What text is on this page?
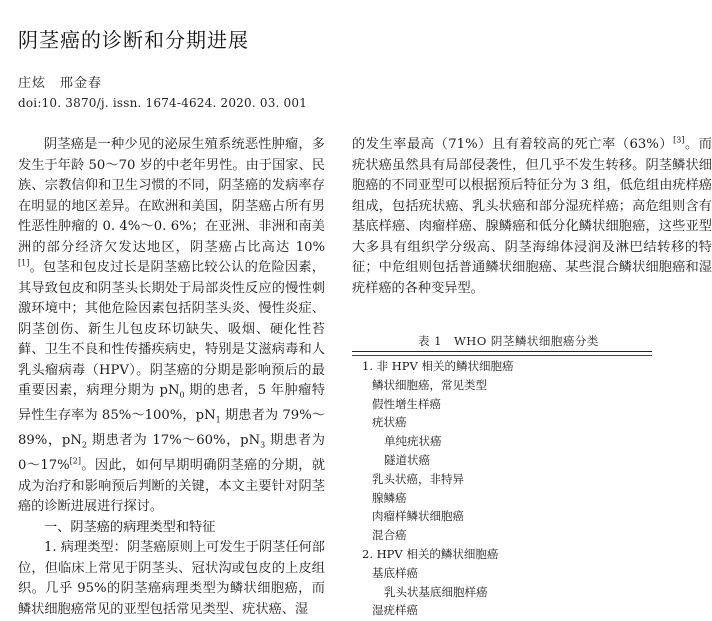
阴茎癌的诊断和分期进展
庄炫　邢金春
doi:10. 3870/j. issn. 1674-4624. 2020. 03. 001

阴茎癌是一种少见的泌尿生殖系统恶性肿瘤，多发生于年龄 50～70 岁的中老年男性。由于国家、民族、宗教信仰和卫生习惯的不同，阴茎癌的发病率存在明显的地区差异。在欧洲和美国，阴茎癌占所有男性恶性肿瘤的 0. 4%～0. 6%；在亚洲、非洲和南美洲的部分经济欠发达地区，阴茎癌占比高达 10%[1]。包茎和包皮过长是阴茎癌比较公认的危险因素，其导致包皮和阴茎头长期处于局部炎性反应的慢性刺激环境中；其他危险因素包括阴茎头炎、慢性炎症、阴茎创伤、新生儿包皮环切缺失、吸烟、硬化性苔藓、卫生不良和性传播疾病史，特别是艾滋病毒和人乳头瘤病毒（HPV）。阴茎癌的分期是影响预后的最重要因素，病理分期为 $pN_0$ 期的患者，5 年肿瘤特异性生存率为 85%～100%，$pN_1$ 期患者为 79%～89%，$pN_2$ 期患者为 17%～60%，$pN_3$ 期患者为 0～17%[2]。因此，如何早期明确阴茎癌的分期，就成为治疗和影响预后判断的关键，本文主要针对阴茎癌的诊断进展进行探讨。

一、阴茎癌的病理类型和特征

1. 病理类型：阴茎癌原则上可发生于阴茎任何部位，但临床上常见于阴茎头、冠状沟或包皮的上皮组织。几乎 95%的阴茎癌病理类型为鳞状细胞癌，而鳞状细胞癌常见的亚型包括常见类型、疣状癌、湿

的发生率最高（71%）且有着较高的死亡率（63%）[3]。而疣状癌虽然具有局部侵袭性，但几乎不发生转移。阴茎鳞状细胞癌的不同亚型可以根据预后特征分为 3 组，低危组由疣样癌组成，包括疣状癌、乳头状癌和部分湿疣样癌；高危组则含有基底样癌、肉瘤样癌、腺鳞癌和低分化鳞状细胞癌，这些亚型大多具有组织学分级高、阴茎海绵体浸润及淋巴结转移的特征；中危组则包括普通鳞状细胞癌、某些混合鳞状细胞癌和湿疣样癌的各种变异型。

表 1　WHO 阴茎鳞状细胞癌分类
1. 非 HPV 相关的鳞状细胞癌
鳞状细胞癌，常见类型
假性增生样癌
疣状癌
单纯疣状癌
隧道状癌
乳头状癌，非特异
腺鳞癌
肉瘤样鳞状细胞癌
混合癌
2. HPV 相关的鳞状细胞癌
基底样癌
乳头状基底细胞样癌
湿疣样癌
